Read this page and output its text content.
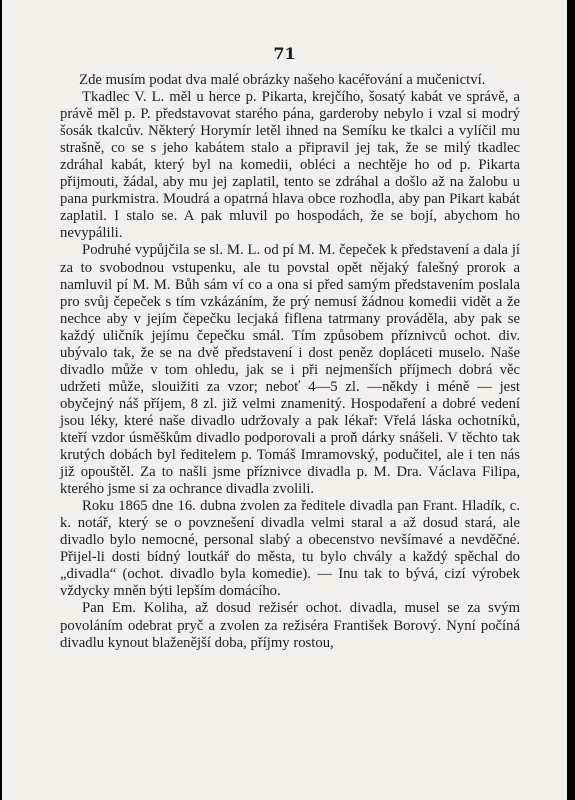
71

Zde musím podat dva malé obrázky našeho kacéřování a mučenictví.

Tkadlec V. L. měl u herce p. Pikarta, krejčího, šosatý kabát ve správě, a právě měl p. P. představovat starého pána, garderoby nebylo i vzal si modrý šosák tkalcův. Některý Horymír letěl ihned na Semíku ke tkalci a vylíčil mu strašně, co se s jeho kabátem stalo a připravil jej tak, že se milý tkadlec zdráhal kabát, který byl na komedii, obléci a nechtěje ho od p. Pikarta přijmouti, žádal, aby mu jej zaplatil, tento se zdráhal a došlo až na žalobu u pana purkmistra. Moudrá a opatrná hlava obce rozhodla, aby pan Pikart kabát zaplatil. I stalo se. A pak mluvil po hospodách, že se bojí, abychom ho nevypálili.

Podruhé vypůjčila se sl. M. L. od pí M. M. čepeček k představení a dala jí za to svobodnou vstupenku, ale tu povstal opět nějaký falešný prorok a namluvil pí M. M. Bůh sám ví co a ona si před samým představením poslala pro svůj čepeček s tím vzkázáním, že prý nemusí žádnou komedii vidět a že nechce aby v jejím čepečku lecjaká fiflena tatrmany prováděla, aby pak se každý uličník jejímu čepečku smál. Tím způsobem příznivců ochot. div. ubývalo tak, že se na dvě představení i dost peněz dopláceti muselo. Naše divadlo může v tom ohledu, jak se i při nejmenších příjmech dobrá věc udržeti může, slouižiti za vzor; neboť 4—5 zl. —někdy i méně — jest obyčejný náš příjem, 8 zl. již velmi znamenitý. Hospodaření a dobré vedení jsou léky, které naše divadlo udržovaly a pak lékař: Vřelá láska ochotníků, kteří vzdor úsměškům divadlo podporovali a proň dárky snášeli. V těchto tak krutých dobách byl ředitelem p. Tomáš Imramovský, podučitel, ale i ten nás již opouštěl. Za to našli jsme příznivce divadla p. M. Dra. Václava Filipa, kterého jsme si za ochrance divadla zvolili.

Roku 1865 dne 16. dubna zvolen za ředitele divadla pan Frant. Hladík, c. k. notář, který se o povznešení divadla velmi staral a až dosud stará, ale divadlo bylo nemocné, personal slabý a obecenstvo nevšímavé a nevděčné. Přijel-li dosti bídný loutkář do města, tu bylo chvály a každý spěchal do „divadla“ (ochot. divadlo byla komedie). — Inu tak to bývá, cizí výrobek vždycky mněn býti lepším domácího.

Pan Em. Koliha, až dosud režisér ochot. divadla, musel se za svým povoláním odebrat pryč a zvolen za režiséra František Borový. Nyní počíná divadlu kynout blaženější doba, příjmy rostou,
